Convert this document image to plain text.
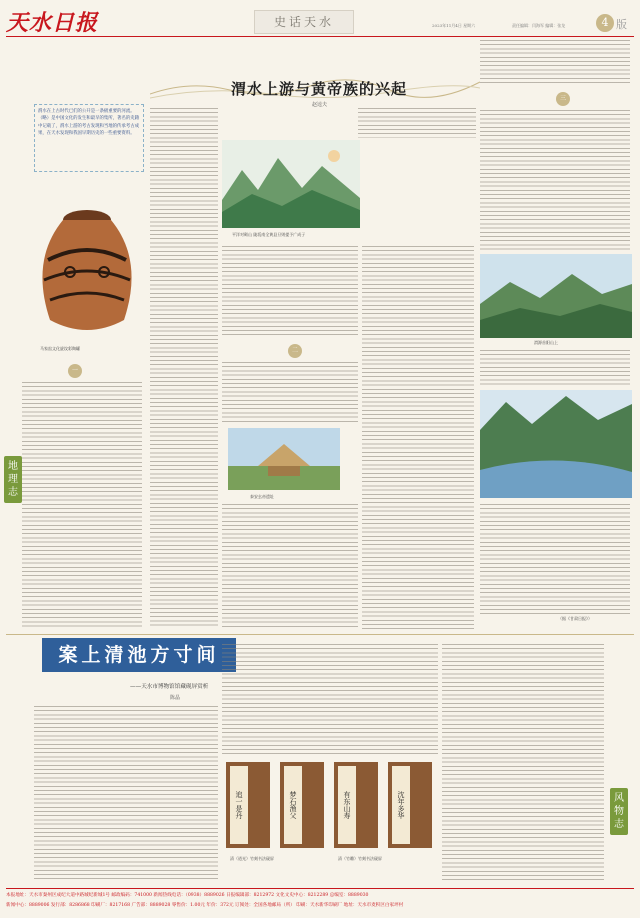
天水日报	史话天水	2023年11月4日 星期六	责任编辑：闫海军 编辑：张龙	4 版
渭水上游与黄帝族的兴起
赵逵夫

渭水在上古时代已们的公开是一条极重要的河流。（略）是中国文化的发生和最早的集所，著名的史籍中记载了，渭水上游的考古发现和当地的传承考古成果，在天水发现和我国早期历史的一些重要资料。

马家窑文化旋纹彩陶罐
一
地理志
平洋对砌山 陇坂南全黄县旦则提予广成子
二
泰安玄帝遗址
三
渭源首阳山上
（据《甘肃日报》）
案上清池方寸间
——天水市博物馆馆藏砚屏赏析
陈晶
风物志
追一是丹	梦石渔父	有东山寿	沈年多华
清（道光）竹刻书法砚屏	清（竹雕）竹刻书法砚屏
本报地址：天水市秦州区成纪大道中路城纪新城1号 邮政编码：741000 新闻热线电话：（0938）8889026 日报编辑部：8212972 文化文史中心：8212289 总编室：8889030
新闻中心：8889006 发行部：8286868 印刷厂：8217168 广告部：8889028 零售价：1.00元 年价：372元 订阅处：全国各地邮局（所） 印刷：天水新华印刷厂 地址：天水市麦积区白家坪村
